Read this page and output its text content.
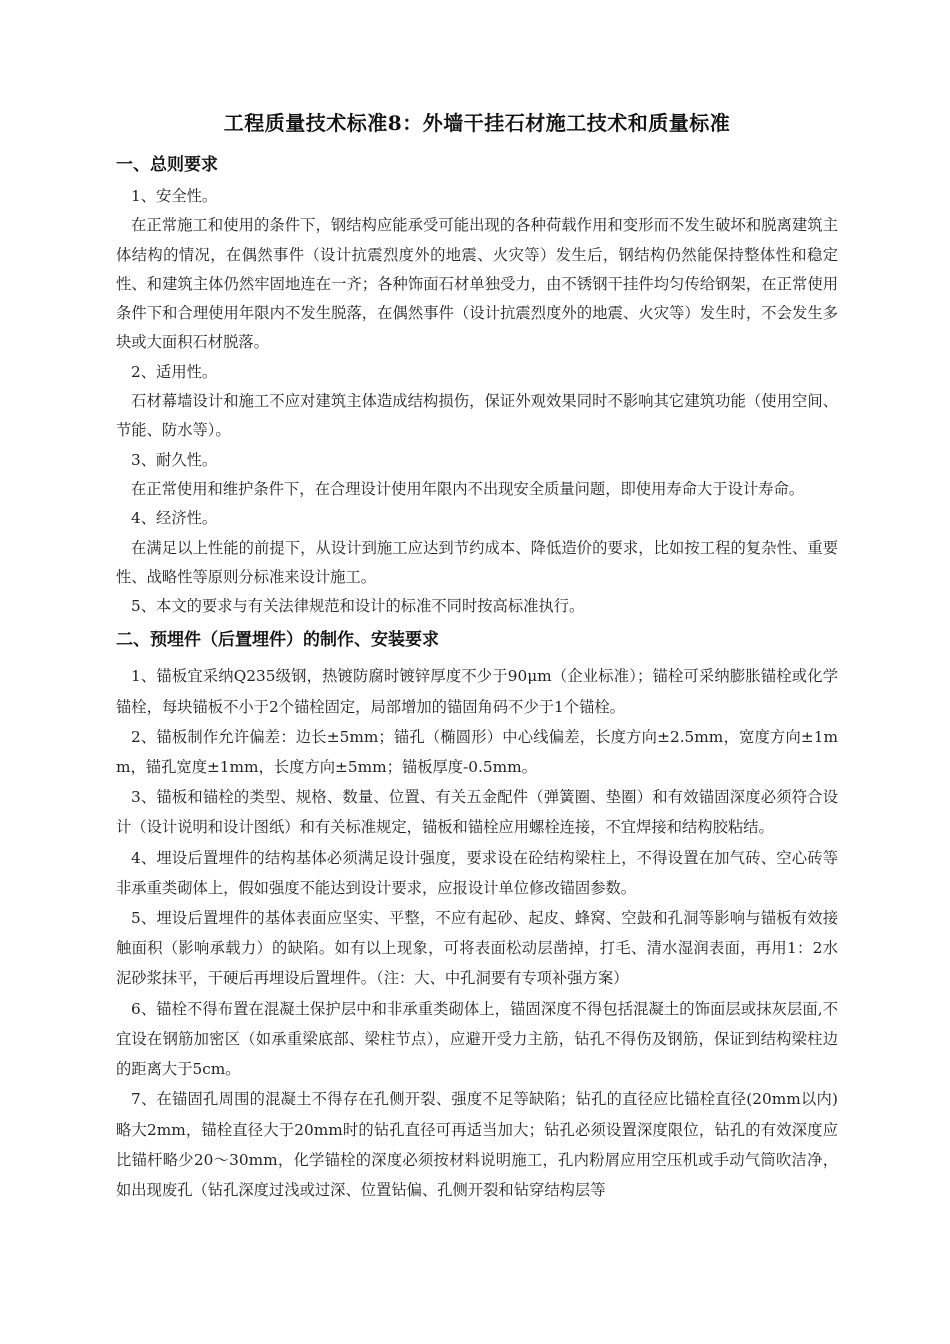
工程质量技术标准8：外墙干挂石材施工技术和质量标准
一、总则要求

1、安全性。

在正常施工和使用的条件下，钢结构应能承受可能出现的各种荷载作用和变形而不发生破坏和脱离建筑主体结构的情况，在偶然事件（设计抗震烈度外的地震、火灾等）发生后，钢结构仍然能保持整体性和稳定性、和建筑主体仍然牢固地连在一齐；各种饰面石材单独受力，由不锈钢干挂件均匀传给钢架，在正常使用条件下和合理使用年限内不发生脱落，在偶然事件（设计抗震烈度外的地震、火灾等）发生时，不会发生多块或大面积石材脱落。

2、适用性。

石材幕墙设计和施工不应对建筑主体造成结构损伤，保证外观效果同时不影响其它建筑功能（使用空间、节能、防水等）。

3、耐久性。

在正常使用和维护条件下，在合理设计使用年限内不出现安全质量问题，即使用寿命大于设计寿命。

4、经济性。

在满足以上性能的前提下，从设计到施工应达到节约成本、降低造价的要求，比如按工程的复杂性、重要性、战略性等原则分标准来设计施工。

5、本文的要求与有关法律规范和设计的标准不同时按高标准执行。

二、预埋件（后置埋件）的制作、安装要求

1、锚板宜采纳Q235级钢，热镀防腐时镀锌厚度不少于90μm（企业标准）；锚栓可采纳膨胀锚栓或化学锚栓，每块锚板不小于2个锚栓固定，局部增加的锚固角码不少于1个锚栓。

2、锚板制作允许偏差：边长±5mm；锚孔（椭圆形）中心线偏差，长度方向±2.5mm，宽度方向±1mm，锚孔宽度±1mm，长度方向±5mm；锚板厚度-0.5mm。

3、锚板和锚栓的类型、规格、数量、位置、有关五金配件（弹簧圈、垫圈）和有效锚固深度必须符合设计（设计说明和设计图纸）和有关标准规定，锚板和锚栓应用螺栓连接，不宜焊接和结构胶粘结。

4、埋设后置埋件的结构基体必须满足设计强度，要求设在砼结构梁柱上，不得设置在加气砖、空心砖等非承重类砌体上，假如强度不能达到设计要求，应报设计单位修改锚固参数。

5、埋设后置埋件的基体表面应坚实、平整，不应有起砂、起皮、蜂窝、空鼓和孔洞等影响与锚板有效接触面积（影响承载力）的缺陷。如有以上现象，可将表面松动层凿掉，打毛、清水湿润表面，再用1：2水泥砂浆抹平，干硬后再埋设后置埋件。（注：大、中孔洞要有专项补强方案）

6、锚栓不得布置在混凝土保护层中和非承重类砌体上，锚固深度不得包括混凝土的饰面层或抹灰层面,不宜设在钢筋加密区（如承重梁底部、梁柱节点），应避开受力主筋，钻孔不得伤及钢筋，保证到结构梁柱边的距离大于5cm。

7、在锚固孔周围的混凝土不得存在孔侧开裂、强度不足等缺陷；钻孔的直径应比锚栓直径(20mm以内)略大2mm，锚栓直径大于20mm时的钻孔直径可再适当加大；钻孔必须设置深度限位，钻孔的有效深度应比锚杆略少20～30mm，化学锚栓的深度必须按材料说明施工，孔内粉屑应用空压机或手动气筒吹洁净，如出现废孔（钻孔深度过浅或过深、位置钻偏、孔侧开裂和钻穿结构层等
